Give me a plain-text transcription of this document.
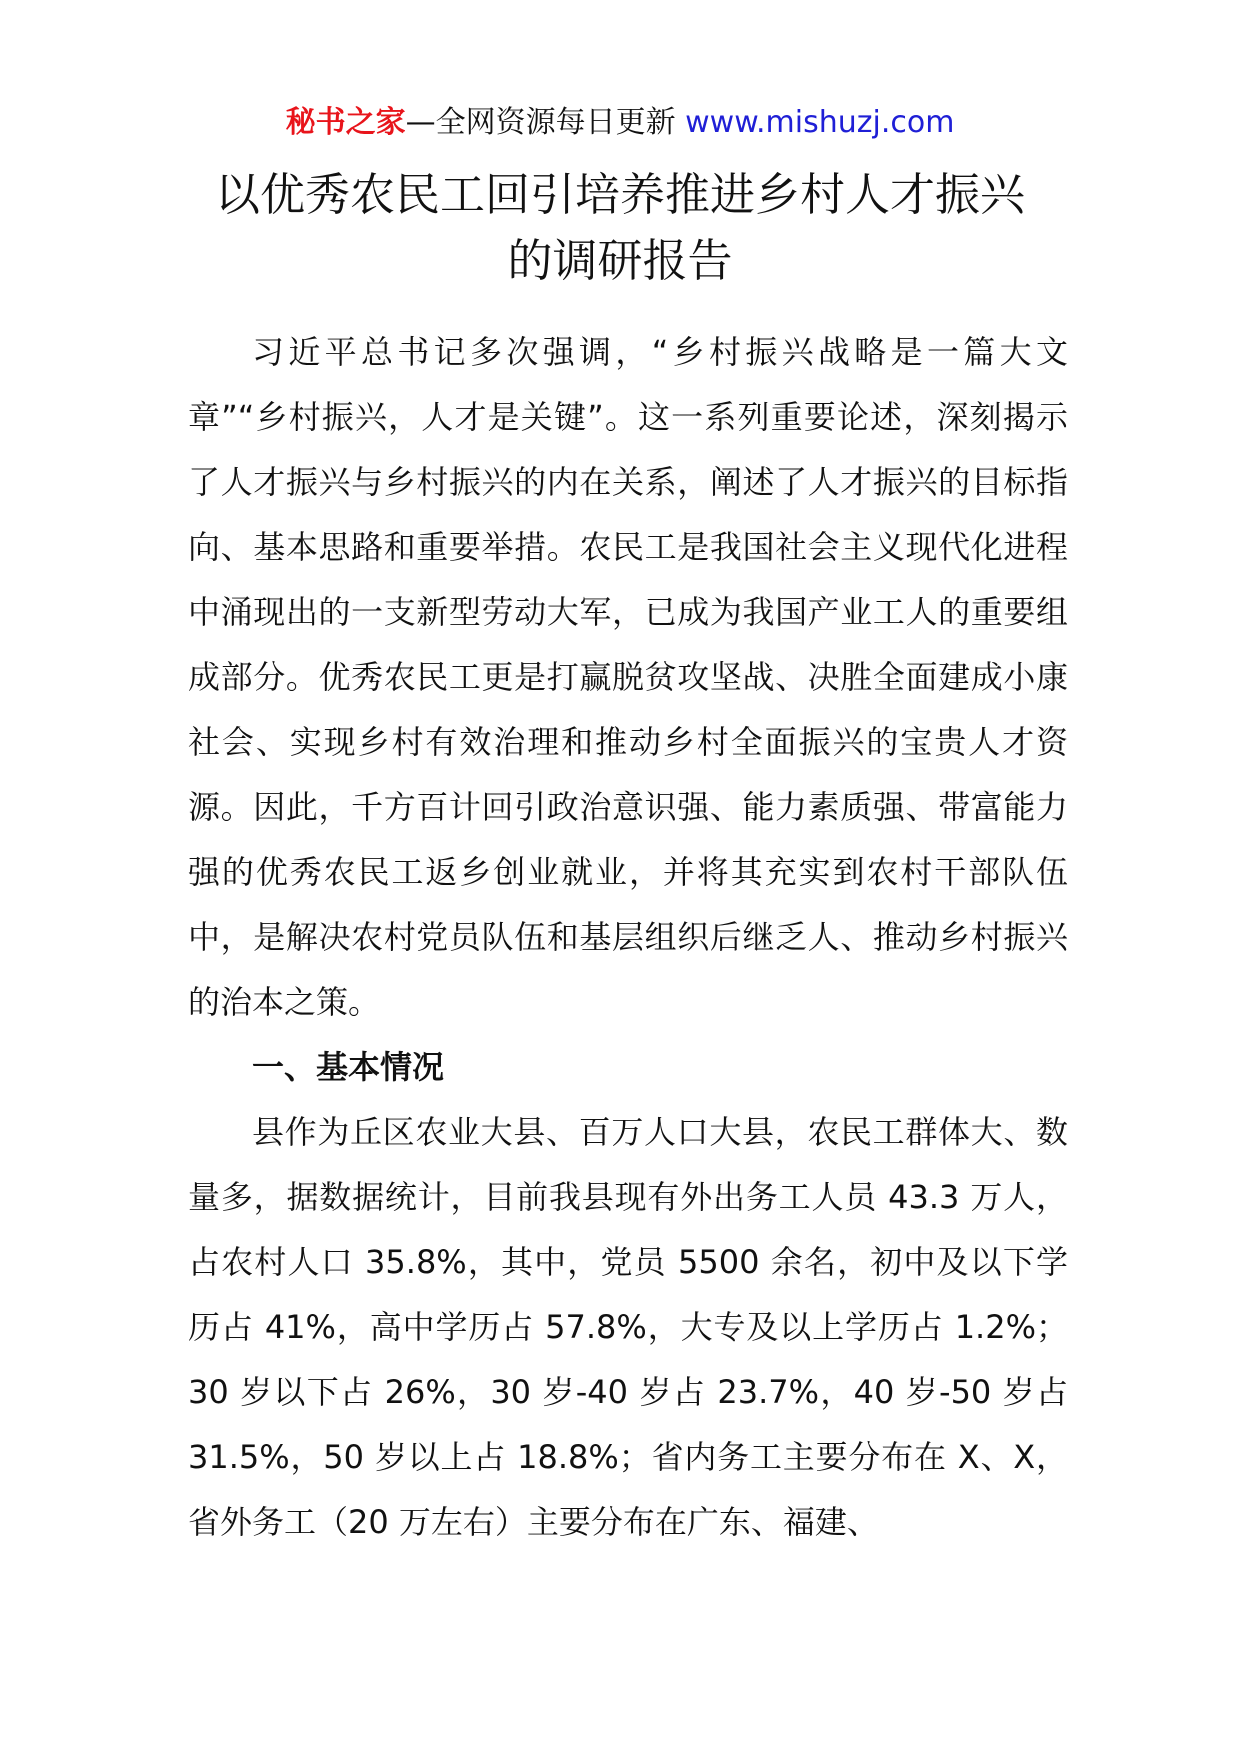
秘书之家—全网资源每日更新 www.mishuzj.com
以优秀农民工回引培养推进乡村人才振兴
的调研报告

习近平总书记多次强调，“乡村振兴战略是一篇大文章”“乡村振兴，人才是关键”。这一系列重要论述，深刻揭示了人才振兴与乡村振兴的内在关系，阐述了人才振兴的目标指向、基本思路和重要举措。农民工是我国社会主义现代化进程中涌现出的一支新型劳动大军，已成为我国产业工人的重要组成部分。优秀农民工更是打赢脱贫攻坚战、决胜全面建成小康社会、实现乡村有效治理和推动乡村全面振兴的宝贵人才资源。因此，千方百计回引政治意识强、能力素质强、带富能力强的优秀农民工返乡创业就业，并将其充实到农村干部队伍中，是解决农村党员队伍和基层组织后继乏人、推动乡村振兴的治本之策。

一、基本情况

县作为丘区农业大县、百万人口大县，农民工群体大、数量多，据数据统计，目前我县现有外出务工人员 43.3 万人，占农村人口 35.8%，其中，党员 5500 余名，初中及以下学历占 41%，高中学历占 57.8%，大专及以上学历占 1.2%；30 岁以下占 26%，30 岁-40 岁占 23.7%，40 岁-50 岁占 31.5%，50 岁以上占 18.8%；省内务工主要分布在 X、X，省外务工（20 万左右）主要分布在广东、福建、
